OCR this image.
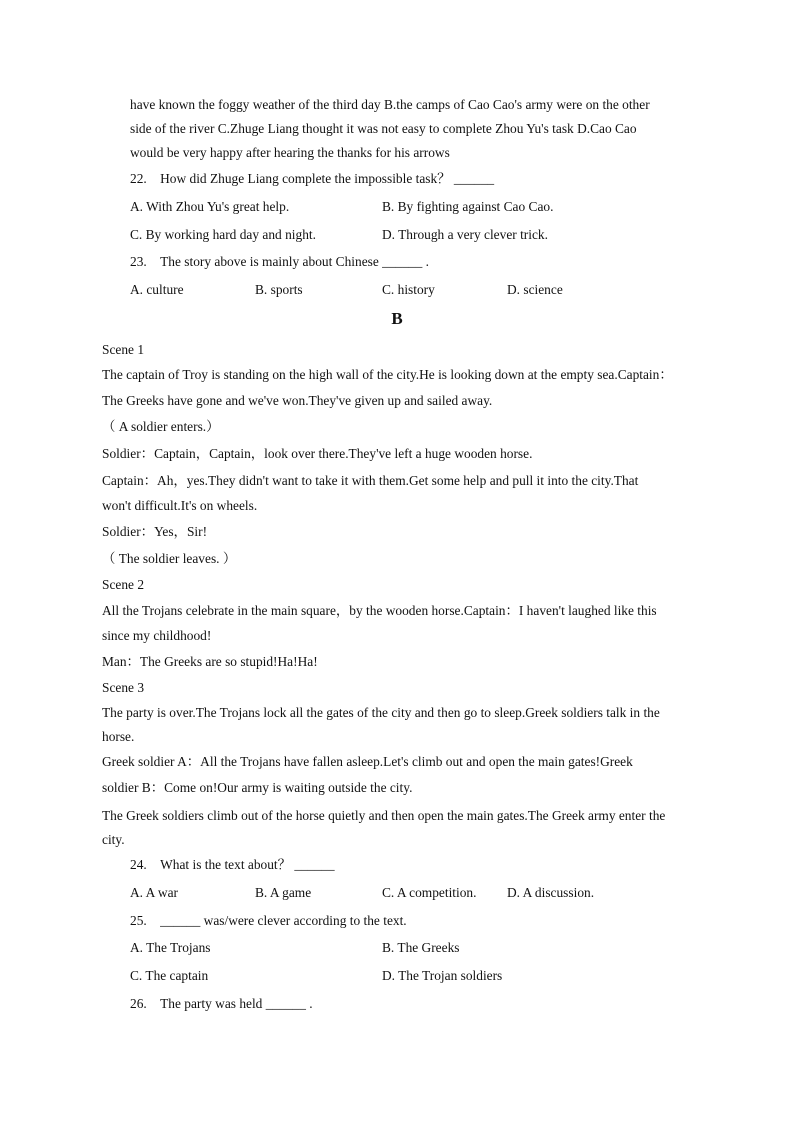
have known the foggy weather of the third day B.the camps of Cao Cao's army were on the other
side of the river C.Zhuge Liang thought it was not easy to complete Zhou Yu's task D.Cao Cao
would be very happy after hearing the thanks for his arrows
22.　How did Zhuge Liang complete the impossible task？ ______
A. With Zhou Yu's great help.	B. By fighting against Cao Cao.
C. By working hard day and night.	D. Through a very clever trick.
23.　The story above is mainly about Chinese ______ .
A. culture	B. sports	C. history	D. science
B
Scene 1
The captain of Troy is standing on the high wall of the city.He is looking down at the empty sea.Captain：
The Greeks have gone and we've won.They've given up and sailed away.
（ A soldier enters.）
Soldier：Captain，Captain，look over there.They've left a huge wooden horse.
Captain：Ah，yes.They didn't want to take it with them.Get some help and pull it into the city.That
won't difficult.It's on wheels.
Soldier：Yes，Sir!
（ The soldier leaves. ）
Scene 2
All the Trojans celebrate in the main square，by the wooden horse.Captain：I haven't laughed like this
since my childhood!
Man：The Greeks are so stupid!Ha!Ha!
Scene 3
The party is over.The Trojans lock all the gates of the city and then go to sleep.Greek soldiers talk in the
horse.
Greek soldier A：All the Trojans have fallen asleep.Let's climb out and open the main gates!Greek
soldier B：Come on!Our army is waiting outside the city.
The Greek soldiers climb out of the horse quietly and then open the main gates.The Greek army enter the
city.
24.　What is the text about？ ______
A. A war	B. A game	C. A competition. D. A discussion.
25.　______ was/were clever according to the text.
A. The Trojans	B. The Greeks
C. The captain	D. The Trojan soldiers
26.　The party was held ______ .
